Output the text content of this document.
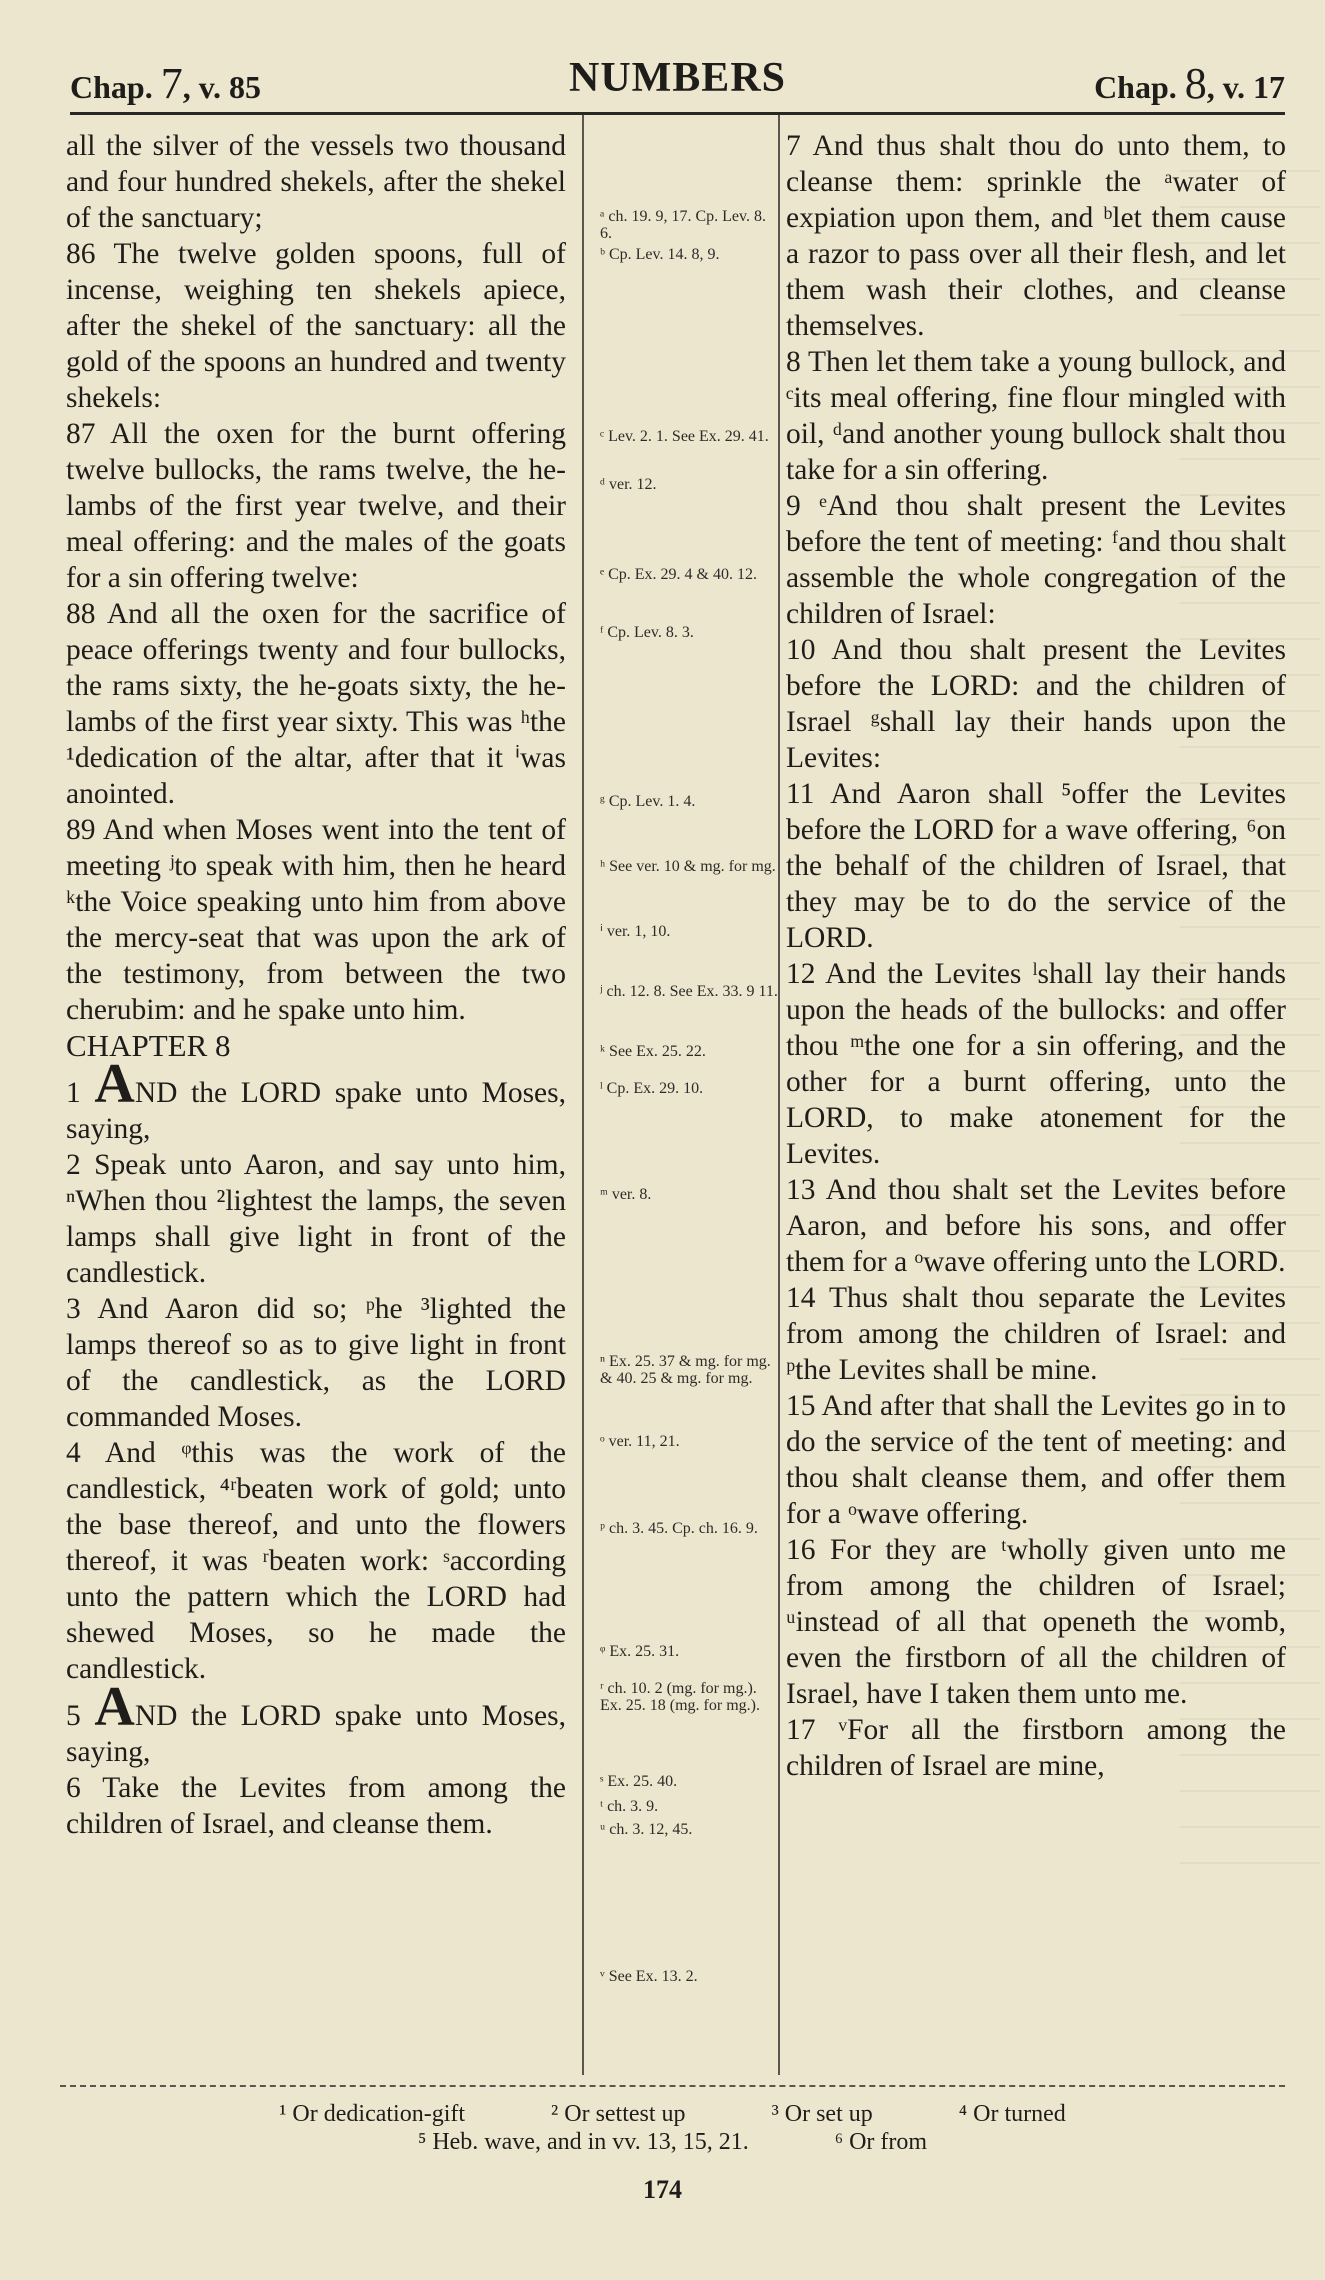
Chap. 7, v. 85	NUMBERS	Chap. 8, v. 17

all the silver of the vessels two thousand and four hundred shekels, after the shekel of the sanctuary;

86 The twelve golden spoons, full of incense, weighing ten shekels apiece, after the shekel of the sanctuary: all the gold of the spoons an hundred and twenty shekels:

87 All the oxen for the burnt offering twelve bullocks, the rams twelve, the he-lambs of the first year twelve, and their meal offering: and the males of the goats for a sin offering twelve:

88 And all the oxen for the sacrifice of peace offerings twenty and four bullocks, the rams sixty, the he-goats sixty, the he-lambs of the first year sixty. This was ʰthe ¹dedication of the altar, after that it ⁱwas anointed.

89 And when Moses went into the tent of meeting ʲto speak with him, then he heard ᵏthe Voice speaking unto him from above the mercy-seat that was upon the ark of the testimony, from between the two cherubim: and he spake unto him.

CHAPTER 8

1 AND the LORD spake unto Moses, saying,

2 Speak unto Aaron, and say unto him, ⁿWhen thou ²lightest the lamps, the seven lamps shall give light in front of the candlestick.

3 And Aaron did so; ᵖhe ³lighted the lamps thereof so as to give light in front of the candlestick, as the LORD commanded Moses.

4 And ᵠthis was the work of the candlestick, ⁴ʳbeaten work of gold; unto the base thereof, and unto the flowers thereof, it was ʳbeaten work: ˢaccording unto the pattern which the LORD had shewed Moses, so he made the candlestick.

5 AND the LORD spake unto Moses, saying,

6 Take the Levites from among the children of Israel, and cleanse them.

ᵃ ch. 19. 9, 17. Cp. Lev. 8. 6.
ᵇ Cp. Lev. 14. 8, 9.
ᶜ Lev. 2. 1. See Ex. 29. 41.
ᵈ ver. 12.
ᵉ Cp. Ex. 29. 4 & 40. 12.
ᶠ Cp. Lev. 8. 3.
ᵍ Cp. Lev. 1. 4.
ʰ See ver. 10 & mg. for mg.
ⁱ ver. 1, 10.
ʲ ch. 12. 8. See Ex. 33. 9 11.
ᵏ See Ex. 25. 22.
ˡ Cp. Ex. 29. 10.
ᵐ ver. 8.
ⁿ Ex. 25. 37 & mg. for mg. & 40. 25 & mg. for mg.
ᵒ ver. 11, 21.
ᵖ ch. 3. 45. Cp. ch. 16. 9.
ᵠ Ex. 25. 31.
ʳ ch. 10. 2 (mg. for mg.). Ex. 25. 18 (mg. for mg.).
ˢ Ex. 25. 40.
ᵗ ch. 3. 9.
ᵘ ch. 3. 12, 45.
ᵛ See Ex. 13. 2.

7 And thus shalt thou do unto them, to cleanse them: sprinkle the ᵃwater of expiation upon them, and ᵇlet them cause a razor to pass over all their flesh, and let them wash their clothes, and cleanse themselves.

8 Then let them take a young bullock, and ᶜits meal offering, fine flour mingled with oil, ᵈand another young bullock shalt thou take for a sin offering.

9 ᵉAnd thou shalt present the Levites before the tent of meeting: ᶠand thou shalt assemble the whole congregation of the children of Israel:

10 And thou shalt present the Levites before the LORD: and the children of Israel ᵍshall lay their hands upon the Levites:

11 And Aaron shall ⁵offer the Levites before the LORD for a wave offering, ⁶on the behalf of the children of Israel, that they may be to do the service of the LORD.

12 And the Levites ˡshall lay their hands upon the heads of the bullocks: and offer thou ᵐthe one for a sin offering, and the other for a burnt offering, unto the LORD, to make atonement for the Levites.

13 And thou shalt set the Levites before Aaron, and before his sons, and offer them for a ᵒwave offering unto the LORD.

14 Thus shalt thou separate the Levites from among the children of Israel: and ᵖthe Levites shall be mine.

15 And after that shall the Levites go in to do the service of the tent of meeting: and thou shalt cleanse them, and offer them for a ᵒwave offering.

16 For they are ᵗwholly given unto me from among the children of Israel; ᵘinstead of all that openeth the womb, even the firstborn of all the children of Israel, have I taken them unto me.

17 ᵛFor all the firstborn among the children of Israel are mine,

¹ Or dedication-gift	² Or settest up	³ Or set up	⁴ Or turned
⁵ Heb. wave, and in vv. 13, 15, 21.	⁶ Or from
174
